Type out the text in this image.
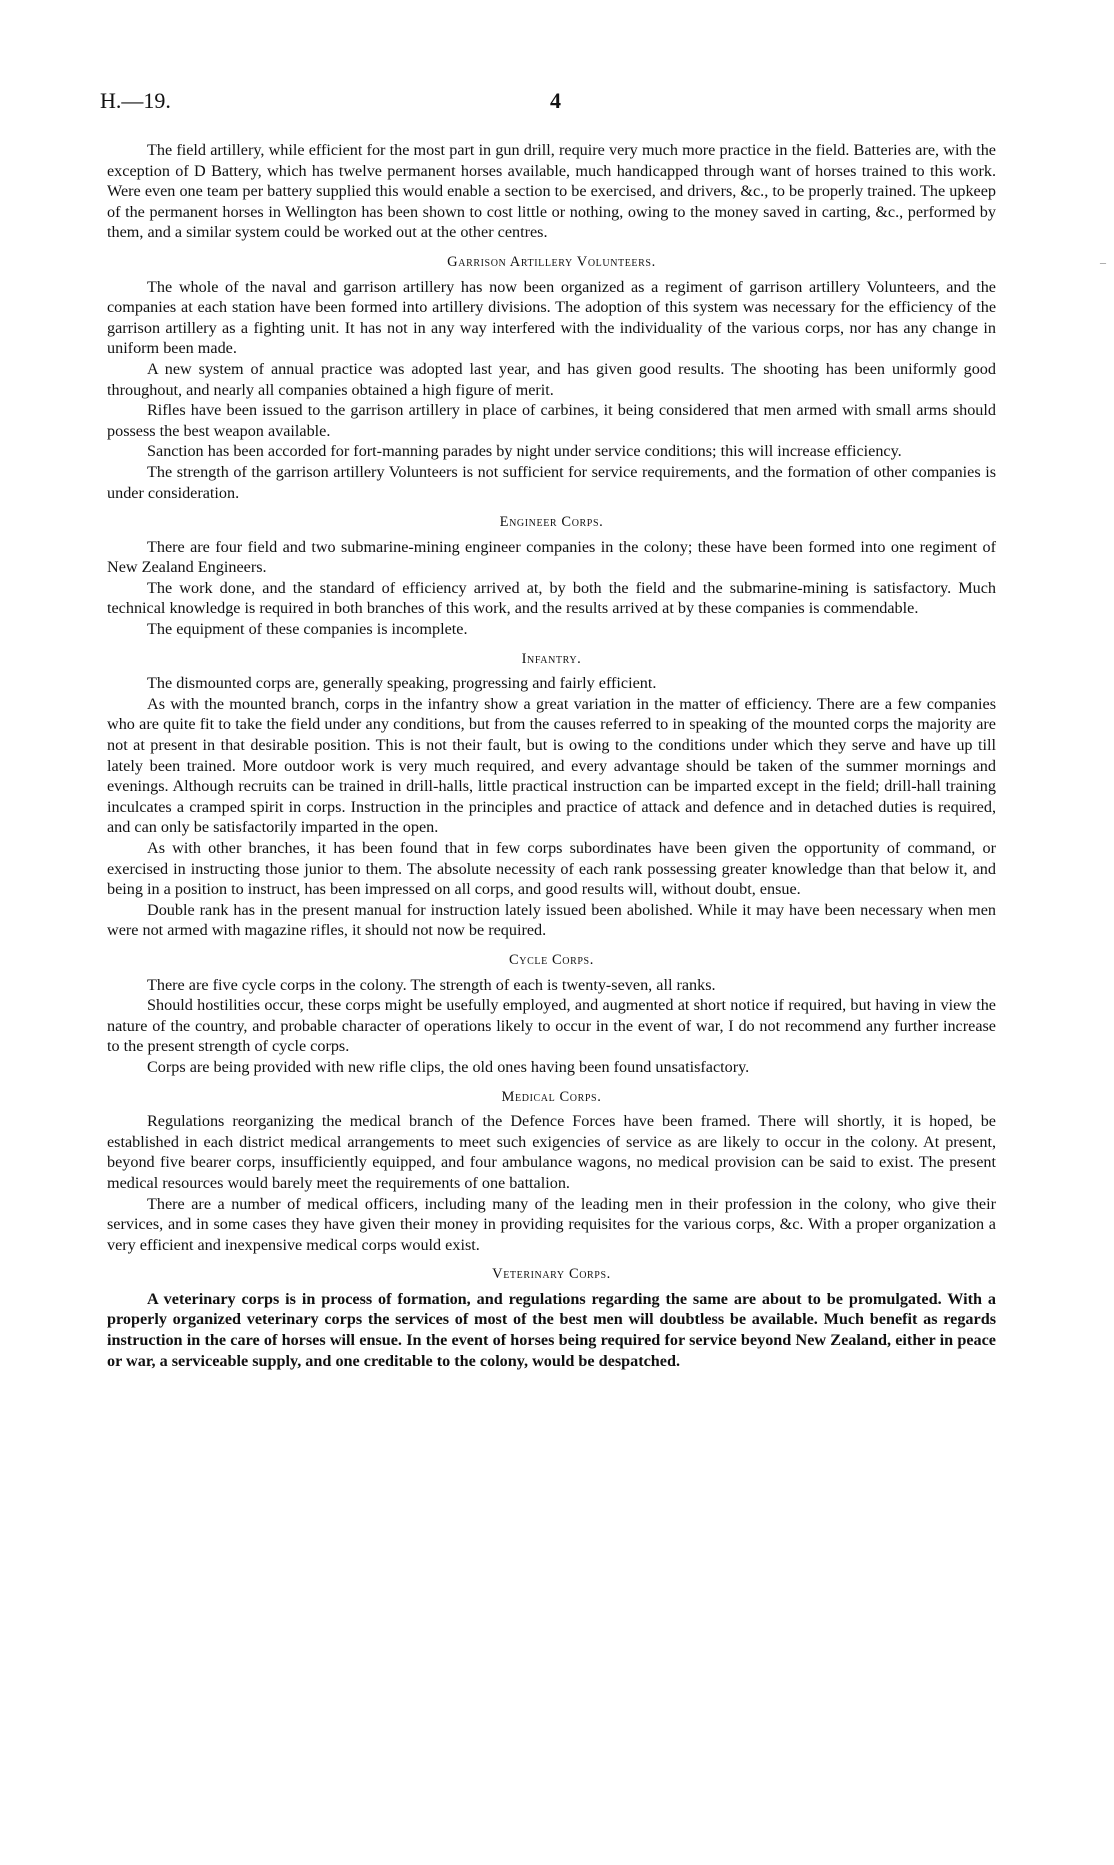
H.—19.	4

The field artillery, while efficient for the most part in gun drill, require very much more practice in the field. Batteries are, with the exception of D Battery, which has twelve permanent horses available, much handicapped through want of horses trained to this work. Were even one team per battery supplied this would enable a section to be exercised, and drivers, &c., to be properly trained. The upkeep of the permanent horses in Wellington has been shown to cost little or nothing, owing to the money saved in carting, &c., performed by them, and a similar system could be worked out at the other centres.

Garrison Artillery Volunteers.

The whole of the naval and garrison artillery has now been organized as a regiment of garrison artillery Volunteers, and the companies at each station have been formed into artillery divisions. The adoption of this system was necessary for the efficiency of the garrison artillery as a fighting unit. It has not in any way interfered with the individuality of the various corps, nor has any change in uniform been made.

A new system of annual practice was adopted last year, and has given good results. The shooting has been uniformly good throughout, and nearly all companies obtained a high figure of merit.

Rifles have been issued to the garrison artillery in place of carbines, it being considered that men armed with small arms should possess the best weapon available.

Sanction has been accorded for fort-manning parades by night under service conditions; this will increase efficiency.

The strength of the garrison artillery Volunteers is not sufficient for service requirements, and the formation of other companies is under consideration.

Engineer Corps.

There are four field and two submarine-mining engineer companies in the colony; these have been formed into one regiment of New Zealand Engineers.

The work done, and the standard of efficiency arrived at, by both the field and the submarine-mining is satisfactory. Much technical knowledge is required in both branches of this work, and the results arrived at by these companies is commendable.

The equipment of these companies is incomplete.

Infantry.

The dismounted corps are, generally speaking, progressing and fairly efficient.

As with the mounted branch, corps in the infantry show a great variation in the matter of efficiency. There are a few companies who are quite fit to take the field under any conditions, but from the causes referred to in speaking of the mounted corps the majority are not at present in that desirable position. This is not their fault, but is owing to the conditions under which they serve and have up till lately been trained. More outdoor work is very much required, and every advantage should be taken of the summer mornings and evenings. Although recruits can be trained in drill-halls, little practical instruction can be imparted except in the field; drill-hall training inculcates a cramped spirit in corps. Instruction in the principles and practice of attack and defence and in detached duties is required, and can only be satisfactorily imparted in the open.

As with other branches, it has been found that in few corps subordinates have been given the opportunity of command, or exercised in instructing those junior to them. The absolute necessity of each rank possessing greater knowledge than that below it, and being in a position to instruct, has been impressed on all corps, and good results will, without doubt, ensue.

Double rank has in the present manual for instruction lately issued been abolished. While it may have been necessary when men were not armed with magazine rifles, it should not now be required.

Cycle Corps.

There are five cycle corps in the colony. The strength of each is twenty-seven, all ranks.

Should hostilities occur, these corps might be usefully employed, and augmented at short notice if required, but having in view the nature of the country, and probable character of operations likely to occur in the event of war, I do not recommend any further increase to the present strength of cycle corps.

Corps are being provided with new rifle clips, the old ones having been found unsatisfactory.

Medical Corps.

Regulations reorganizing the medical branch of the Defence Forces have been framed. There will shortly, it is hoped, be established in each district medical arrangements to meet such exigencies of service as are likely to occur in the colony. At present, beyond five bearer corps, insufficiently equipped, and four ambulance wagons, no medical provision can be said to exist. The present medical resources would barely meet the requirements of one battalion.

There are a number of medical officers, including many of the leading men in their profession in the colony, who give their services, and in some cases they have given their money in providing requisites for the various corps, &c. With a proper organization a very efficient and inexpensive medical corps would exist.

Veterinary Corps.

A veterinary corps is in process of formation, and regulations regarding the same are about to be promulgated. With a properly organized veterinary corps the services of most of the best men will doubtless be available. Much benefit as regards instruction in the care of horses will ensue. In the event of horses being required for service beyond New Zealand, either in peace or war, a serviceable supply, and one creditable to the colony, would be despatched.

–
